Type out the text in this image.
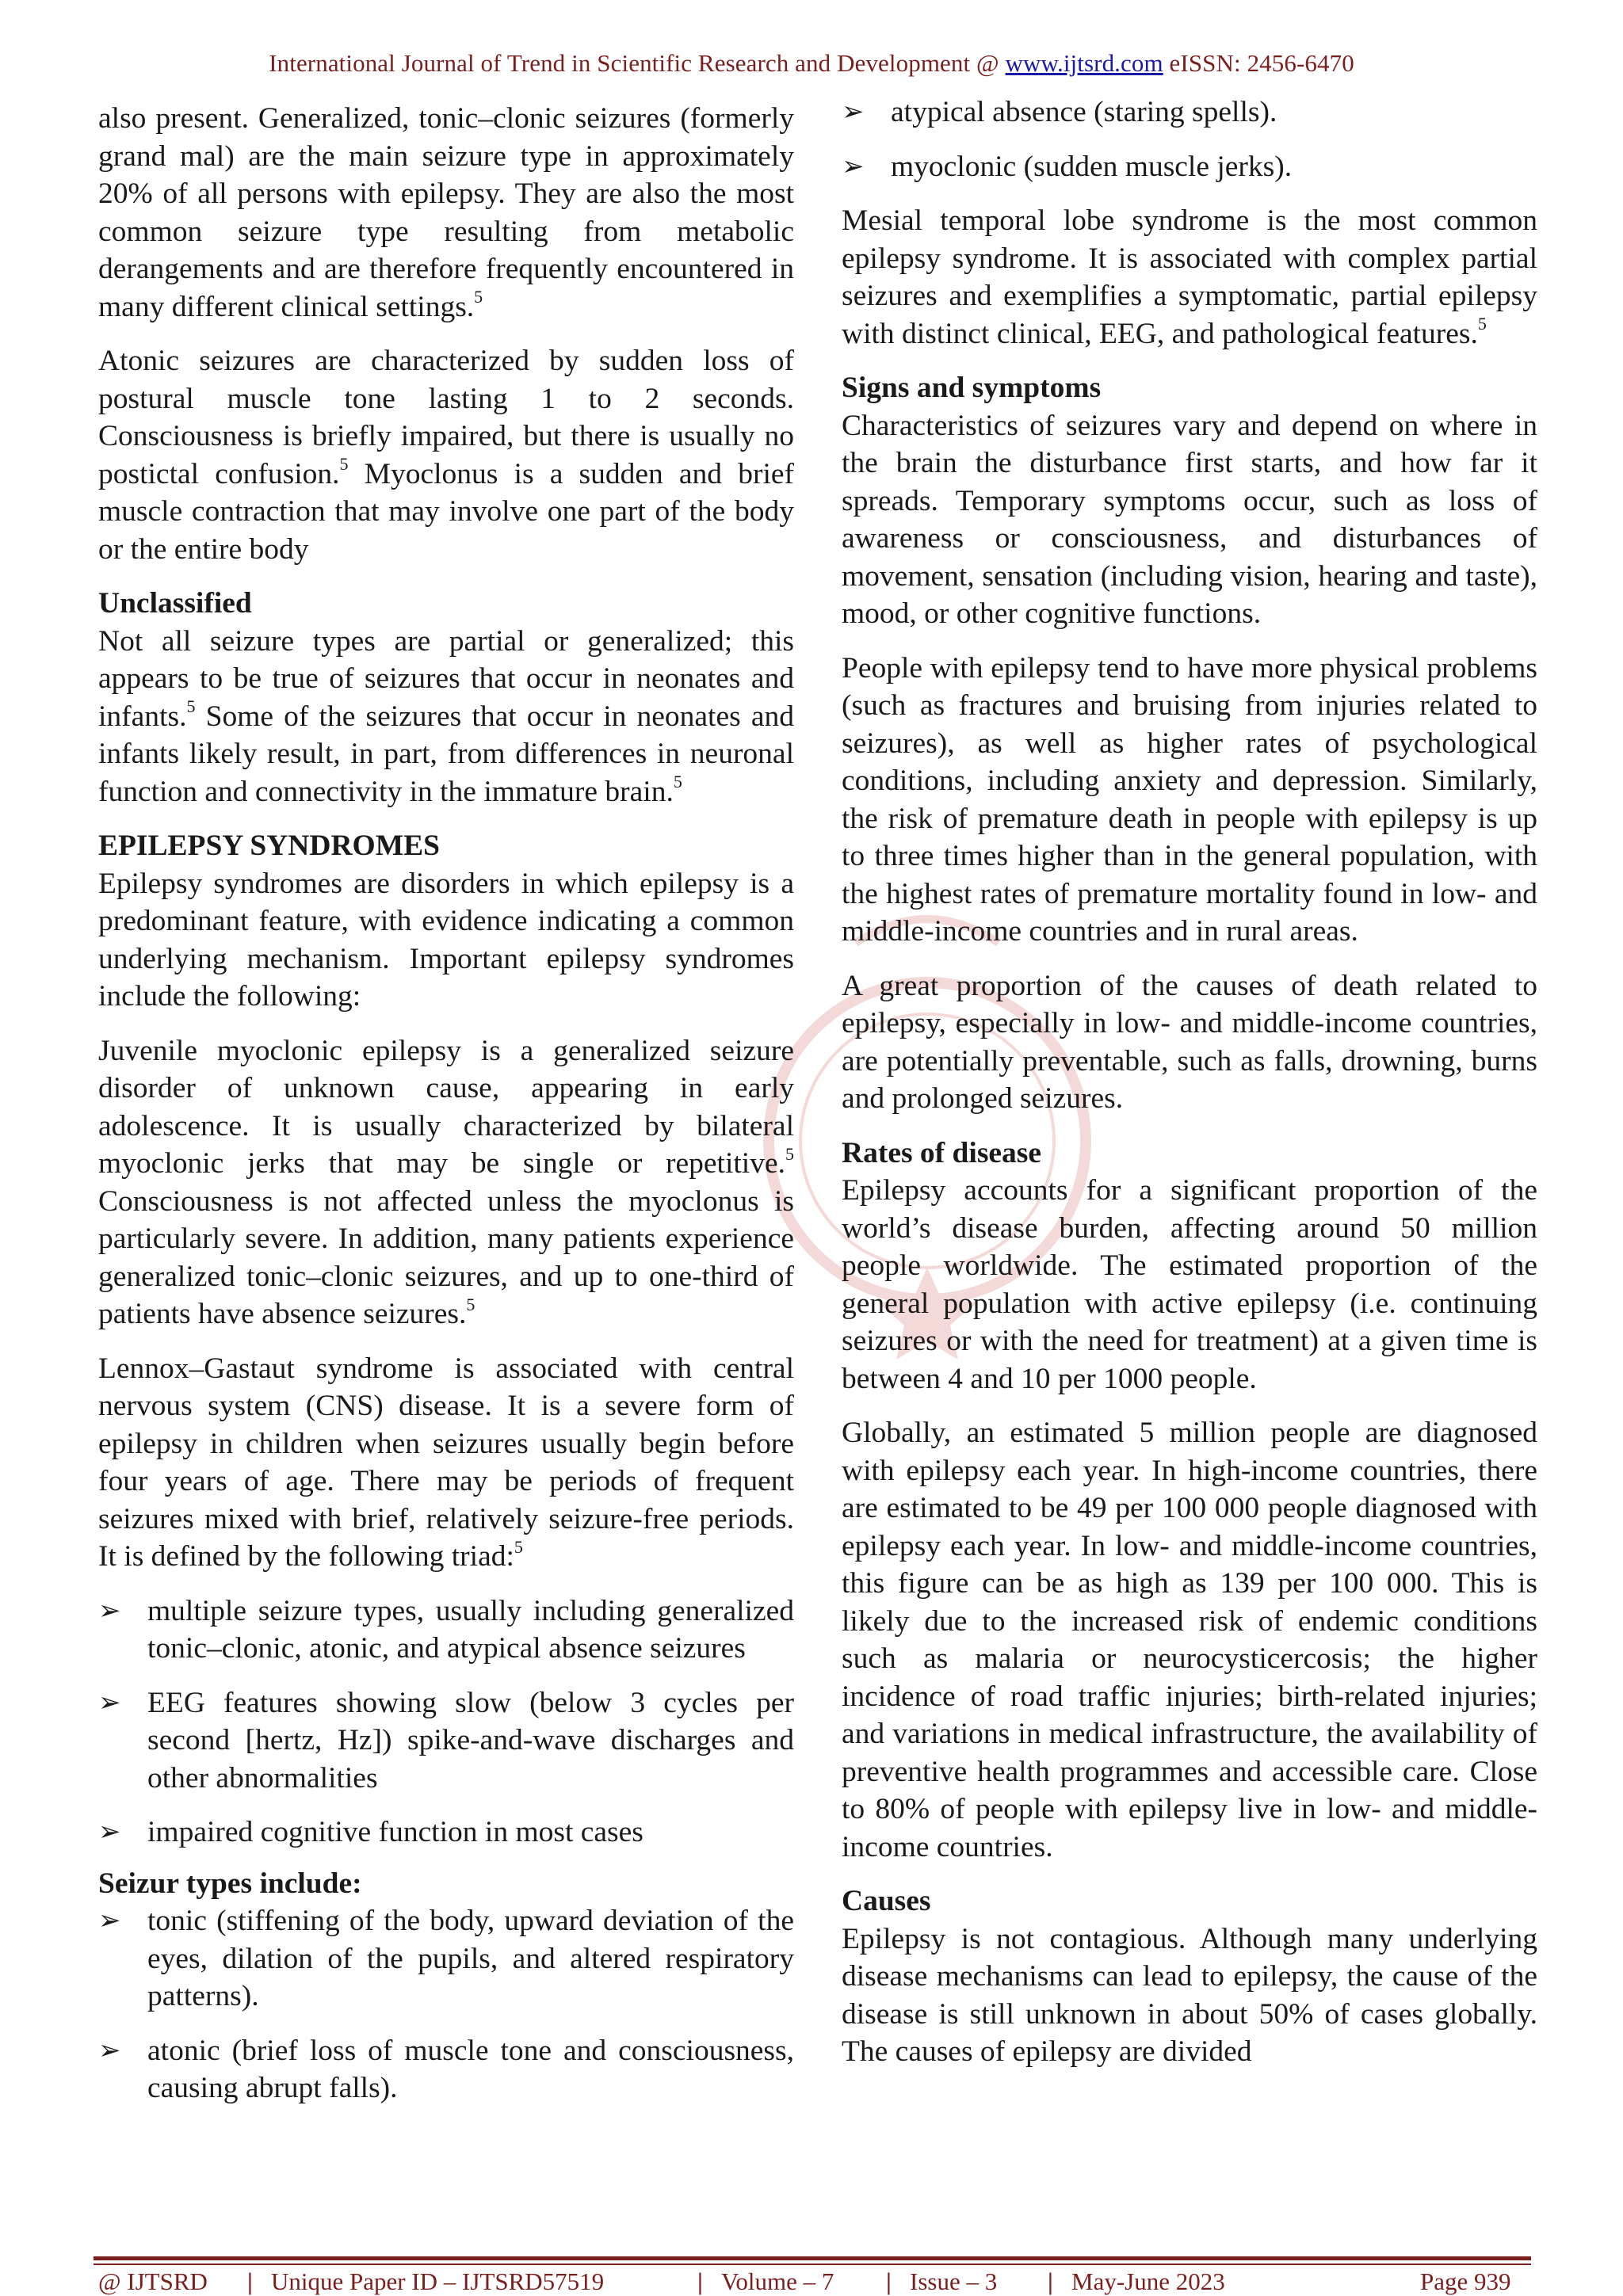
International Journal of Trend in Scientific Research and Development @ www.ijtsrd.com eISSN: 2456-6470

also present. Generalized, tonic–clonic seizures (formerly grand mal) are the main seizure type in approximately 20% of all persons with epilepsy. They are also the most common seizure type resulting from metabolic derangements and are therefore frequently encountered in many different clinical settings.$^5$

Atonic seizures are characterized by sudden loss of postural muscle tone lasting 1 to 2 seconds. Consciousness is briefly impaired, but there is usually no postictal confusion.$^5$ Myoclonus is a sudden and brief muscle contraction that may involve one part of the body or the entire body

Unclassified

Not all seizure types are partial or generalized; this appears to be true of seizures that occur in neonates and infants.$^5$ Some of the seizures that occur in neonates and infants likely result, in part, from differences in neuronal function and connectivity in the immature brain.$^5$

EPILEPSY SYNDROMES

Epilepsy syndromes are disorders in which epilepsy is a predominant feature, with evidence indicating a common underlying mechanism. Important epilepsy syndromes include the following:

Juvenile myoclonic epilepsy is a generalized seizure disorder of unknown cause, appearing in early adolescence. It is usually characterized by bilateral myoclonic jerks that may be single or repetitive.$^5$ Consciousness is not affected unless the myoclonus is particularly severe. In addition, many patients experience generalized tonic–clonic seizures, and up to one-third of patients have absence seizures.$^5$

Lennox–Gastaut syndrome is associated with central nervous system (CNS) disease. It is a severe form of epilepsy in children when seizures usually begin before four years of age. There may be periods of frequent seizures mixed with brief, relatively seizure-free periods. It is defined by the following triad:$^5$

➢ multiple seizure types, usually including generalized tonic–clonic, atonic, and atypical absence seizures
➢ EEG features showing slow (below 3 cycles per second [hertz, Hz]) spike-and-wave discharges and other abnormalities
➢ impaired cognitive function in most cases
Seizur types include:
➢ tonic (stiffening of the body, upward deviation of the eyes, dilation of the pupils, and altered respiratory patterns).
➢ atonic (brief loss of muscle tone and consciousness, causing abrupt falls).
➢ atypical absence (staring spells).
➢ myoclonic (sudden muscle jerks).

Mesial temporal lobe syndrome is the most common epilepsy syndrome. It is associated with complex partial seizures and exemplifies a symptomatic, partial epilepsy with distinct clinical, EEG, and pathological features.$^5$

Signs and symptoms

Characteristics of seizures vary and depend on where in the brain the disturbance first starts, and how far it spreads. Temporary symptoms occur, such as loss of awareness or consciousness, and disturbances of movement, sensation (including vision, hearing and taste), mood, or other cognitive functions.

People with epilepsy tend to have more physical problems (such as fractures and bruising from injuries related to seizures), as well as higher rates of psychological conditions, including anxiety and depression. Similarly, the risk of premature death in people with epilepsy is up to three times higher than in the general population, with the highest rates of premature mortality found in low- and middle-income countries and in rural areas.

A great proportion of the causes of death related to epilepsy, especially in low- and middle-income countries, are potentially preventable, such as falls, drowning, burns and prolonged seizures.

Rates of disease

Epilepsy accounts for a significant proportion of the world’s disease burden, affecting around 50 million people worldwide. The estimated proportion of the general population with active epilepsy (i.e. continuing seizures or with the need for treatment) at a given time is between 4 and 10 per 1000 people.

Globally, an estimated 5 million people are diagnosed with epilepsy each year. In high-income countries, there are estimated to be 49 per 100 000 people diagnosed with epilepsy each year. In low- and middle-income countries, this figure can be as high as 139 per 100 000. This is likely due to the increased risk of endemic conditions such as malaria or neurocysticercosis; the higher incidence of road traffic injuries; birth-related injuries; and variations in medical infrastructure, the availability of preventive health programmes and accessible care. Close to 80% of people with epilepsy live in low- and middle-income countries.

Causes

Epilepsy is not contagious. Although many underlying disease mechanisms can lead to epilepsy, the cause of the disease is still unknown in about 50% of cases globally. The causes of epilepsy are divided

@ IJTSRD | Unique Paper ID – IJTSRD57519	| Volume – 7 | Issue – 3 | May-June 2023	Page 939
